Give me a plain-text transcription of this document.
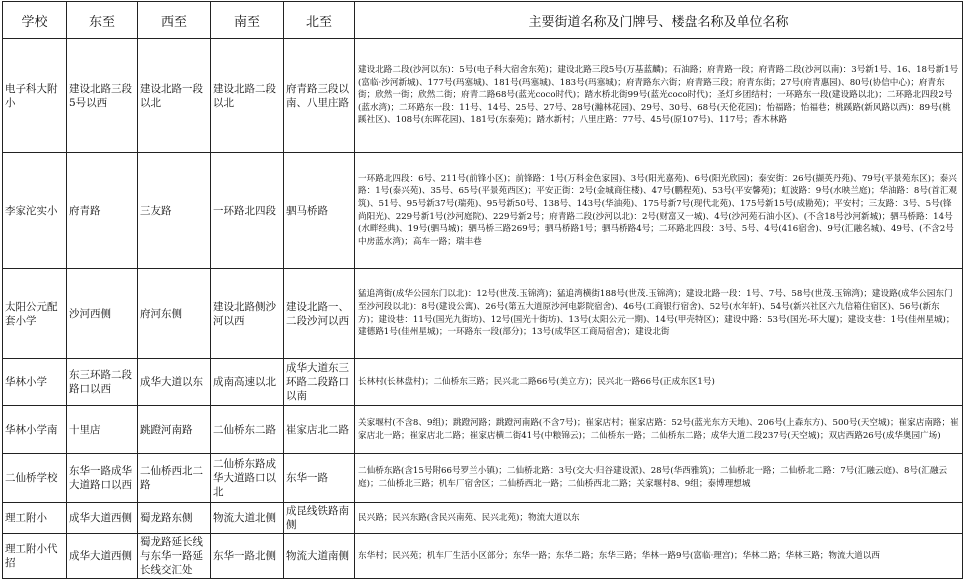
学校	东至	西至	南至	北至	主要街道名称及门牌号、楼盘名称及单位名称
电子科大附小	建设北路三段5号以西	建设北路一段以北	建设北路二段以北	府青路三段以南、八里庄路	建设北路二段(沙河以东)：5号(电子科大宿舍东苑)；建设北路三段5号(万基蓝麟)；石油路；府青路一段；府青路二段(沙河以南)：3号新1号、16、18号新1号(富临·沙河新城)、177号(玛塞城)、181号(玛塞城)、183号(玛塞城)；府青路东六街；府青路三段；府青东街；27号(府青惠园)、80号(协信中心)；府青东街；欣然一街；欣然二街；府青二路68号(蓝光coco时代)；踏水桥北街99号(蓝光coco时代)；圣灯乡团结村；一环路东一段(建设路以北)；二环路北四段2号(蓝水湾)；二环路东一段：11号、14号、25号、27号、28号(瀚林花园)、29号、30号、68号(天伦花园)；怡福路；怡福巷；桃蹊路(新风路以西)：89号(桃蹊社区)、108号(东晖花园)、181号(东泰苑)；踏水新村；八里庄路：77号、45号(原107号)、117号；香木林路
李家沱实小	府青路	三友路	一环路北四段	驷马桥路	一环路北四段：6号、211号(前锋小区)；前锋路：1号(万科金色家园)、3号(阳光嘉苑)、6号(阳光欣园)；泰安街：26号(撷英丹苑)、79号(平景苑东区)；泰兴路：1号(泰兴苑)、35号、65号(平景苑西区)；平安正街：2号(金城商住楼)、47号(鹏程苑)、53号(平安馨苑)；虹波路：9号(水映兰庭)；华油路：8号(首汇观筑)、51号、95号新37号(瑞苑)、95号新50号、138号、143号(华油苑)、175号新7号(现代北苑)、175号新15号(成勘苑)；平安村；三友路：3号、5号(锋尚阳光)、229号新1号(沙河庭院)、229号新2号；府青路二段(沙河以北)：2号(财富又一城)、4号(沙河苑石油小区)、(不含18号沙河新城)；驷马桥路：14号(水畔经典)、19号(驷马城)；驷马桥三路269号；驷马桥路1号；驷马桥路4号；二环路北四段：3号、5号、4号(416宿舍)、9号(汇融名城)、49号、(不含2号中房蓝水湾)；高车一路；瑞丰巷
太阳公元配套小学	沙河西侧	府河东侧	建设北路侧沙河以西	建设北路一、二段沙河以西	猛追湾街(成华公园东门以北)：12号(世茂.玉锦湾)；猛追湾横街188号(世茂.玉锦湾)；建设北路一段：1号、7号、58号(世茂.玉锦湾)；建设路(成华公园东门至沙河段以北)：8号(建设公寓)、26号(第五大道原沙河电影院宿舍)、46号(工商银行宿舍)、52号(水年轩)、54号(新兴社区六九信箱住宿区)、56号(新东方)；建设巷：11号(国光九街坊)、12号(国光十街坊)、13号(太阳公元一期)、14号(甲壳特区)；建设中路：53号(国光-环大厦)；建设支巷：1号(佳州星城)；建德路1号(佳州星城)；一环路东一段(部分)；13号(成华区工商局宿舍)；建设北街
华林小学	东三环路二段路口以西	成华大道以东	成南高速以北	成华大道东三环路二段路口以南	长林村(长林盘村)；二仙桥东三路；民兴北二路66号(美立方)；民兴北一路66号(正成东区1号)
华林小学南	十里店	跳蹬河南路	二仙桥东二路	崔家店北二路	关家堰村(不含8、9组)；跳蹬河路；跳蹬河南路(不含7号)；崔家店村；崔家店路：52号(蓝光东方天地)、206号(上森东方)、500号(天空城)；崔家店南路；崔家店北一路；崔家店北二路；崔家店横二街41号(中粮锦云)；二仙桥东一路；二仙桥东二路；成华大道二段237号(天空城)；双店西路26号(成华奥园广场)
二仙桥学校	东华一路成华大道路口以西	二仙桥西北二路	二仙桥东路成华大道路口以北	东华一路	二仙桥东路(含15号附66号罗兰小镇)；二仙桥北路：3号(交大·归谷建设派)、28号(华西雅筑)；二仙桥北一路；二仙桥北二路：7号(汇融云庭)、8号(汇融云庭)；二仙桥北三路；机车厂宿舍区；二仙桥西北一路；二仙桥西北二路；关家堰村8、9组；泰博理想城
理工附小	成华大道西侧	蜀龙路东侧	物流大道北侧	成昆线铁路南侧	民兴路；民兴东路(含民兴南苑、民兴北苑)；物流大道以东
理工附小代招	成华大道西侧	蜀龙路延长线与东华一路延长线交汇处	东华一路北侧	物流大道南侧	东华村；民兴苑；机车厂生活小区部分；东华一路；东华二路；东华三路；华林一路9号(富临·理宫)；华林二路；华林三路；物流大道以西
